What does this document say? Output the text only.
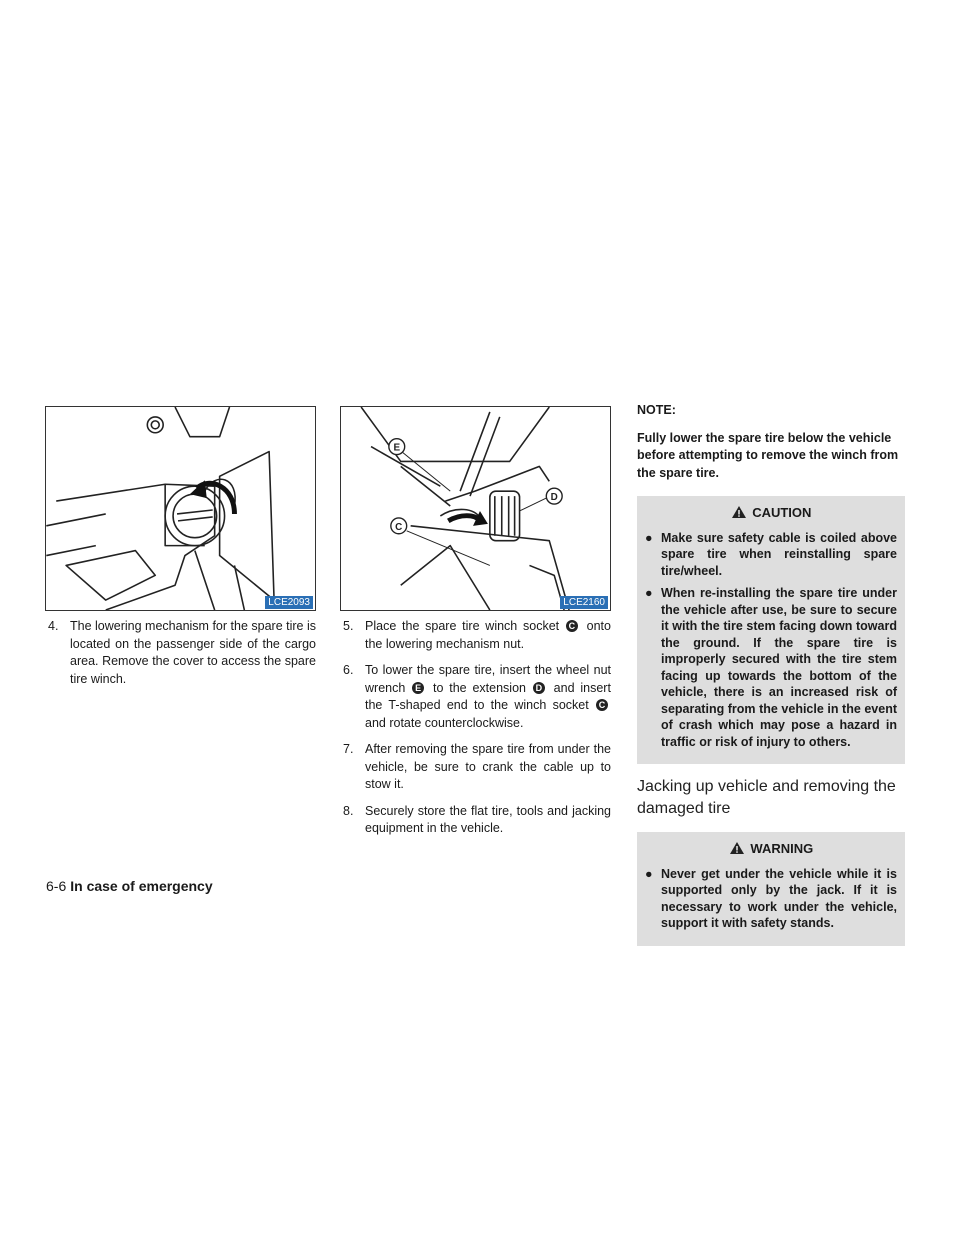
LCE2093
E
C
D
LCE2160
4. The lowering mechanism for the spare tire is located on the passenger side of the cargo area. Remove the cover to access the spare tire winch.
5. Place the spare tire winch socket C onto the lowering mechanism nut.
6. To lower the spare tire, insert the wheel nut wrench E to the extension D and insert the T-shaped end to the winch socket C and rotate counterclockwise.
7. After removing the spare tire from under the vehicle, be sure to crank the cable up to stow it.
8. Securely store the flat tire, tools and jacking equipment in the vehicle.
NOTE:
Fully lower the spare tire below the vehicle before attempting to remove the winch from the spare tire.
CAUTION
● Make sure safety cable is coiled above spare tire when reinstalling spare tire/wheel.
● When re-installing the spare tire under the vehicle after use, be sure to secure it with the tire stem facing down toward the ground. If the spare tire is improperly secured with the tire stem facing up towards the bottom of the vehicle, there is an increased risk of separating from the vehicle in the event of crash which may pose a hazard in traffic or risk of injury to others.
Jacking up vehicle and removing the damaged tire
WARNING
● Never get under the vehicle while it is supported only by the jack. If it is necessary to work under the vehicle, support it with safety stands.
6-6 In case of emergency
